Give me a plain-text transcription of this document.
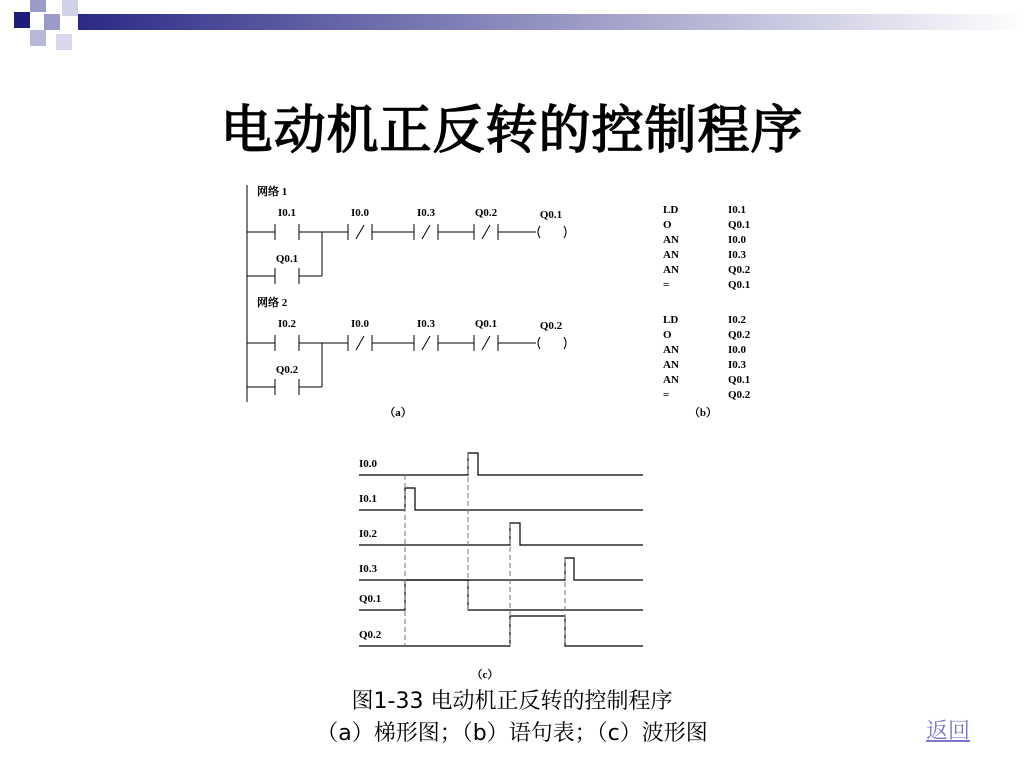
电动机正反转的控制程序
网络 1
I0.1	I0.0	I0.3	Q0.2	Q0.1
Q0.1
网络 2
I0.2	I0.0	I0.3	Q0.1	Q0.2
Q0.2
（a）
LD	I0.1
O	Q0.1
AN	I0.0
AN	I0.3
AN	Q0.2
=	Q0.1
LD	I0.2
O	Q0.2
AN	I0.0
AN	I0.3
AN	Q0.1
=	Q0.2
（b）
I0.0
I0.1
I0.2
I0.3
Q0.1
Q0.2
（c）
图1-33 电动机正反转的控制程序
（a）梯形图；（b）语句表；（c）波形图	返回
